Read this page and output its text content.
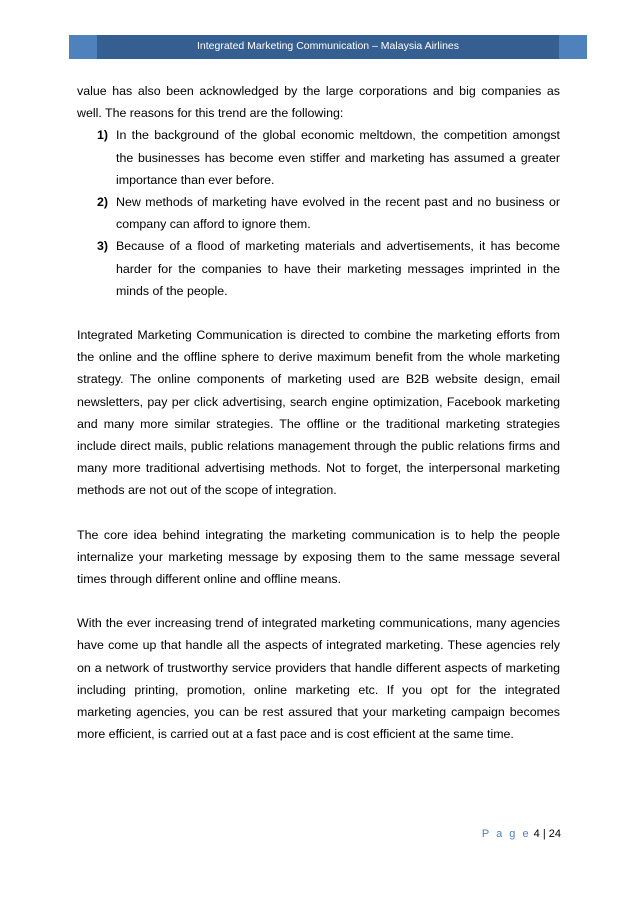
Integrated Marketing Communication – Malaysia Airlines

value has also been acknowledged by the large corporations and big companies as well. The reasons for this trend are the following:

1) In the background of the global economic meltdown, the competition amongst the businesses has become even stiffer and marketing has assumed a greater importance than ever before.
2) New methods of marketing have evolved in the recent past and no business or company can afford to ignore them.
3) Because of a flood of marketing materials and advertisements, it has become harder for the companies to have their marketing messages imprinted in the minds of the people.

Integrated Marketing Communication is directed to combine the marketing efforts from the online and the offline sphere to derive maximum benefit from the whole marketing strategy. The online components of marketing used are B2B website design, email newsletters, pay per click advertising, search engine optimization, Facebook marketing and many more similar strategies. The offline or the traditional marketing strategies include direct mails, public relations management through the public relations firms and many more traditional advertising methods. Not to forget, the interpersonal marketing methods are not out of the scope of integration.

The core idea behind integrating the marketing communication is to help the people internalize your marketing message by exposing them to the same message several times through different online and offline means.

With the ever increasing trend of integrated marketing communications, many agencies have come up that handle all the aspects of integrated marketing. These agencies rely on a network of trustworthy service providers that handle different aspects of marketing including printing, promotion, online marketing etc. If you opt for the integrated marketing agencies, you can be rest assured that your marketing campaign becomes more efficient, is carried out at a fast pace and is cost efficient at the same time.

P a g e 4 | 24
